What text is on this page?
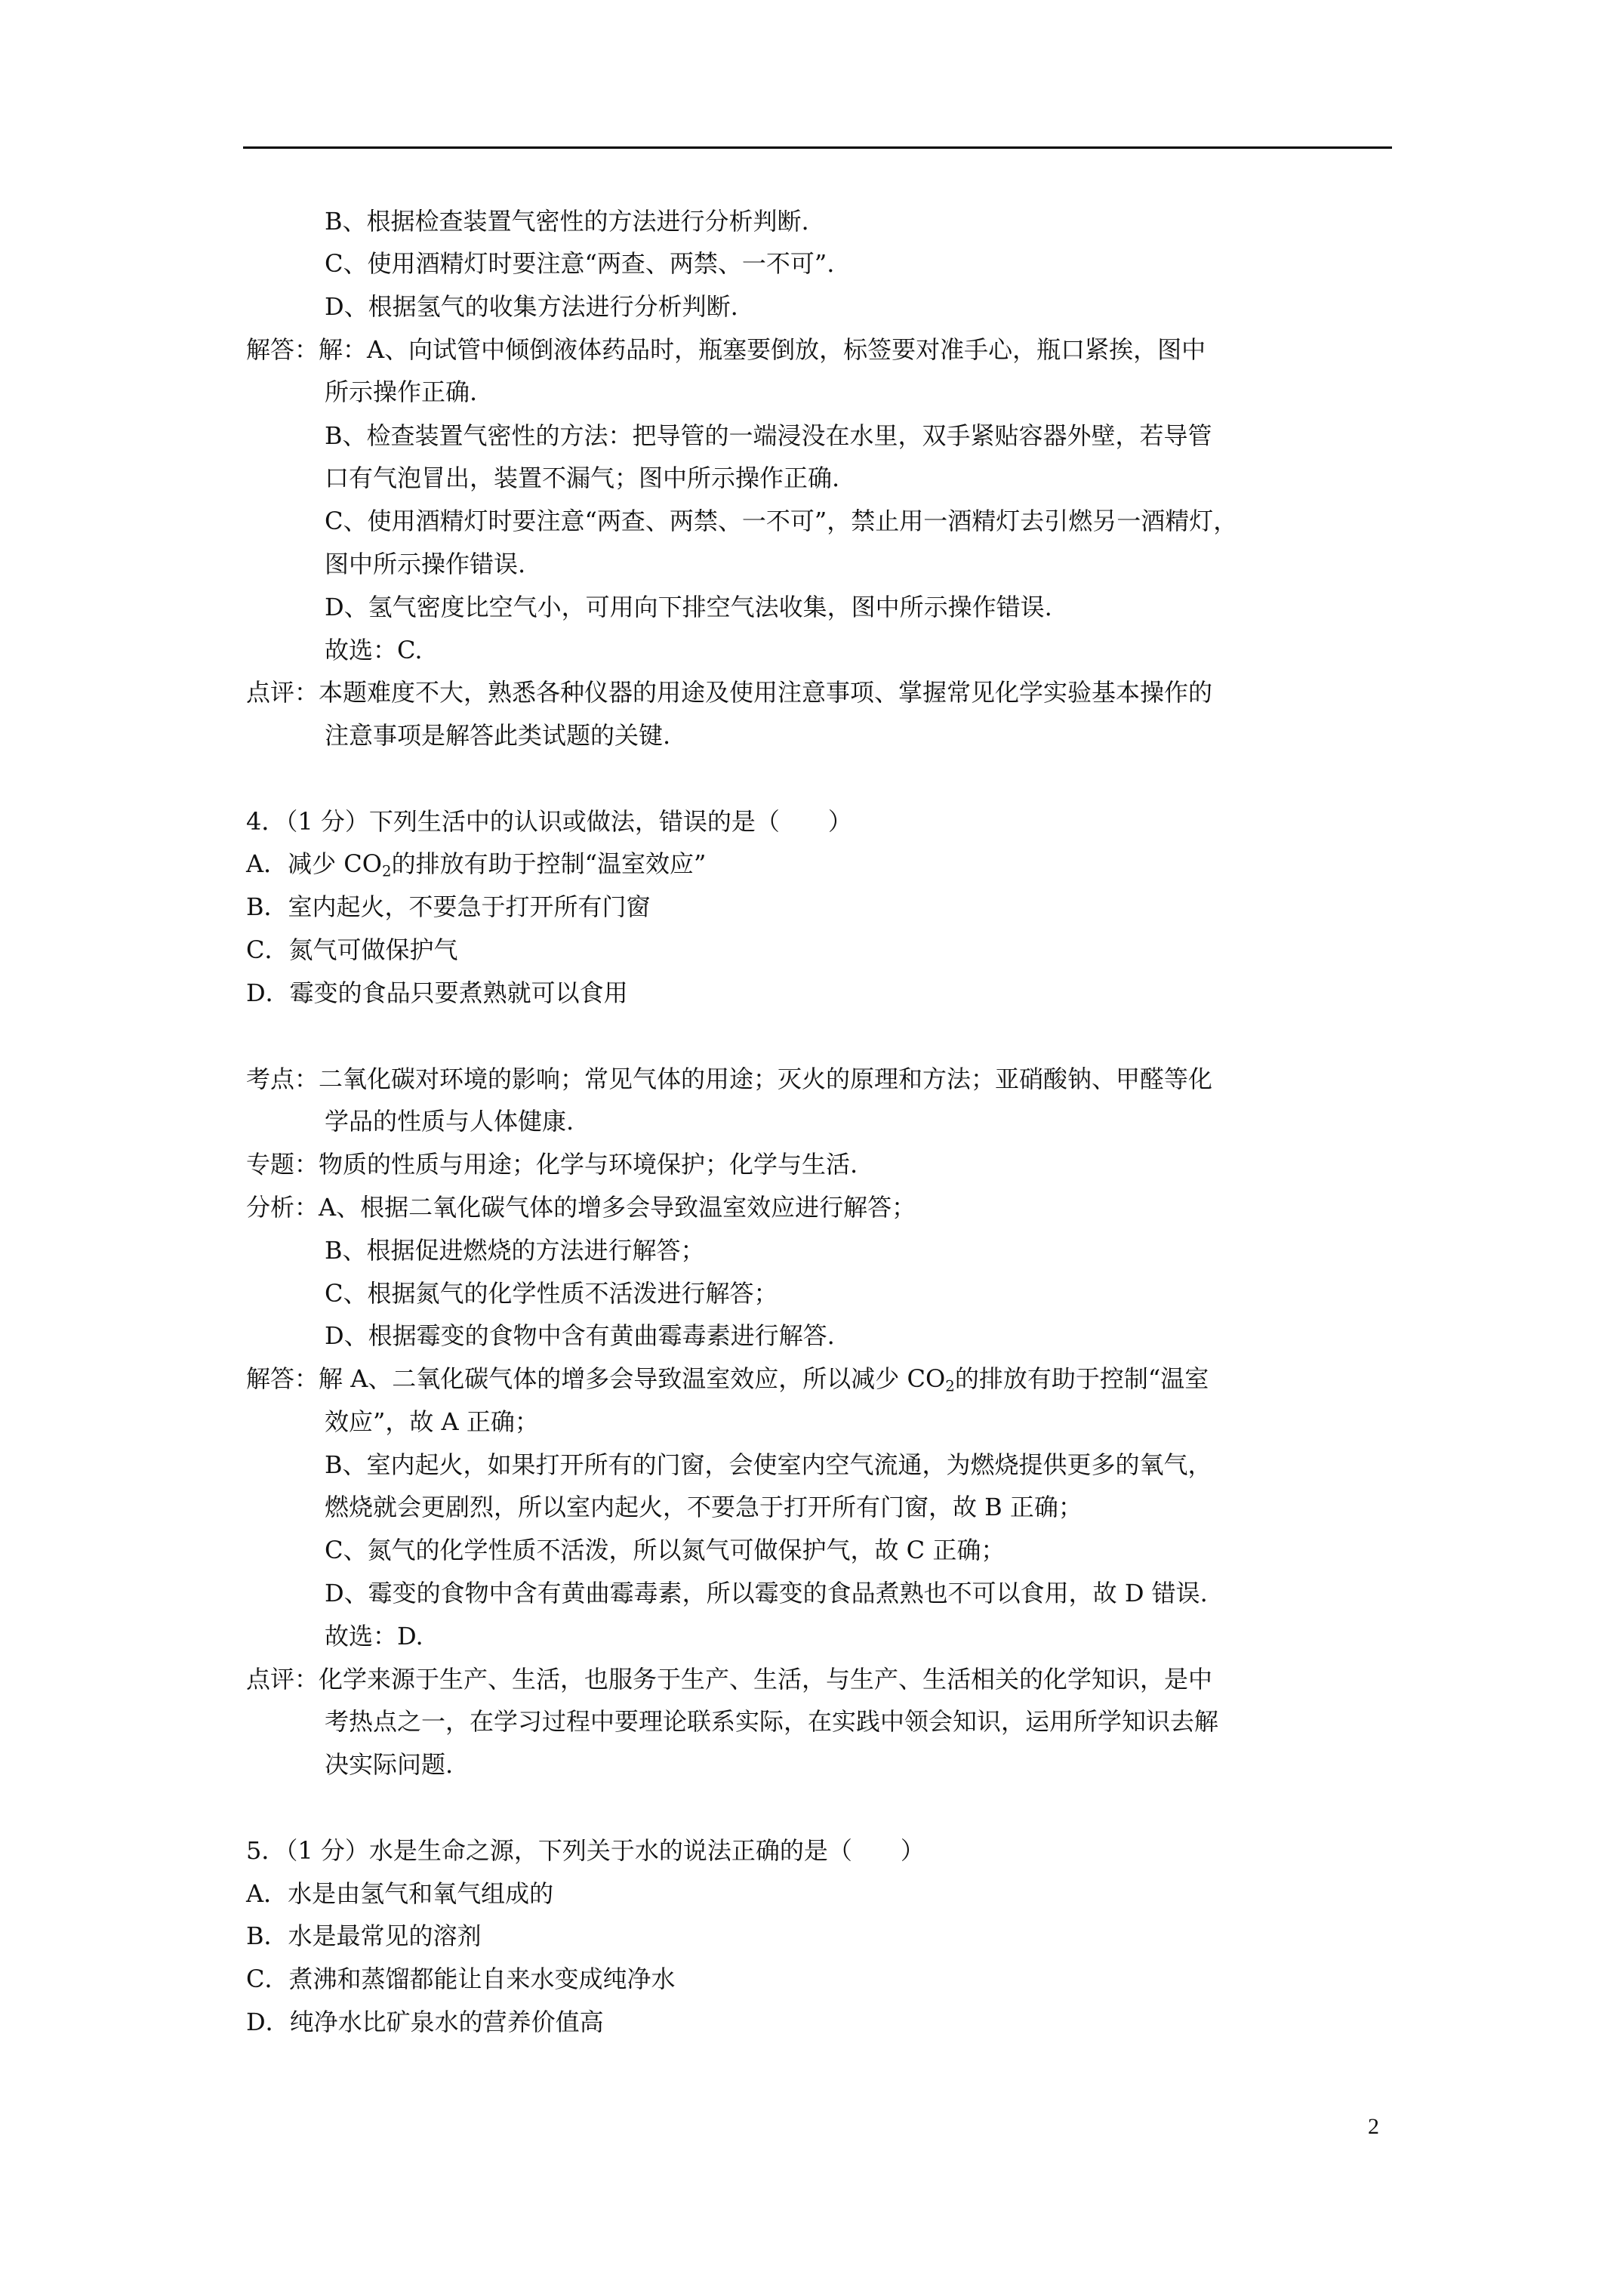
B、根据检查装置气密性的方法进行分析判断.
C、使用酒精灯时要注意“两查、两禁、一不可”.
D、根据氢气的收集方法进行分析判断.
解答：解：A、向试管中倾倒液体药品时，瓶塞要倒放，标签要对准手心，瓶口紧挨，图中
所示操作正确.
B、检查装置气密性的方法：把导管的一端浸没在水里，双手紧贴容器外壁，若导管
口有气泡冒出，装置不漏气；图中所示操作正确.
C、使用酒精灯时要注意“两查、两禁、一不可”，禁止用一酒精灯去引燃另一酒精灯，
图中所示操作错误.
D、氢气密度比空气小，可用向下排空气法收集，图中所示操作错误.
故选：C.
点评：本题难度不大，熟悉各种仪器的用途及使用注意事项、掌握常见化学实验基本操作的
注意事项是解答此类试题的关键.
4．（1 分）下列生活中的认识或做法，错误的是（　　）
A．减少 $CO_2$的排放有助于控制“温室效应”
B．室内起火，不要急于打开所有门窗
C．氮气可做保护气
D．霉变的食品只要煮熟就可以食用
考点：二氧化碳对环境的影响；常见气体的用途；灭火的原理和方法；亚硝酸钠、甲醛等化
学品的性质与人体健康.
专题：物质的性质与用途；化学与环境保护；化学与生活.
分析：A、根据二氧化碳气体的增多会导致温室效应进行解答；
B、根据促进燃烧的方法进行解答；
C、根据氮气的化学性质不活泼进行解答；
D、根据霉变的食物中含有黄曲霉毒素进行解答.
解答：解 A、二氧化碳气体的增多会导致温室效应，所以减少 $CO_2$的排放有助于控制“温室
效应”，故 A 正确；
B、室内起火，如果打开所有的门窗，会使室内空气流通，为燃烧提供更多的氧气，
燃烧就会更剧烈，所以室内起火，不要急于打开所有门窗，故 B 正确；
C、氮气的化学性质不活泼，所以氮气可做保护气，故 C 正确；
D、霉变的食物中含有黄曲霉毒素，所以霉变的食品煮熟也不可以食用，故 D 错误.
故选：D.
点评：化学来源于生产、生活，也服务于生产、生活，与生产、生活相关的化学知识，是中
考热点之一，在学习过程中要理论联系实际，在实践中领会知识，运用所学知识去解
决实际问题.
5．（1 分）水是生命之源，下列关于水的说法正确的是（　　）
A．水是由氢气和氧气组成的
B．水是最常见的溶剂
C．煮沸和蒸馏都能让自来水变成纯净水
D．纯净水比矿泉水的营养价值高
2
